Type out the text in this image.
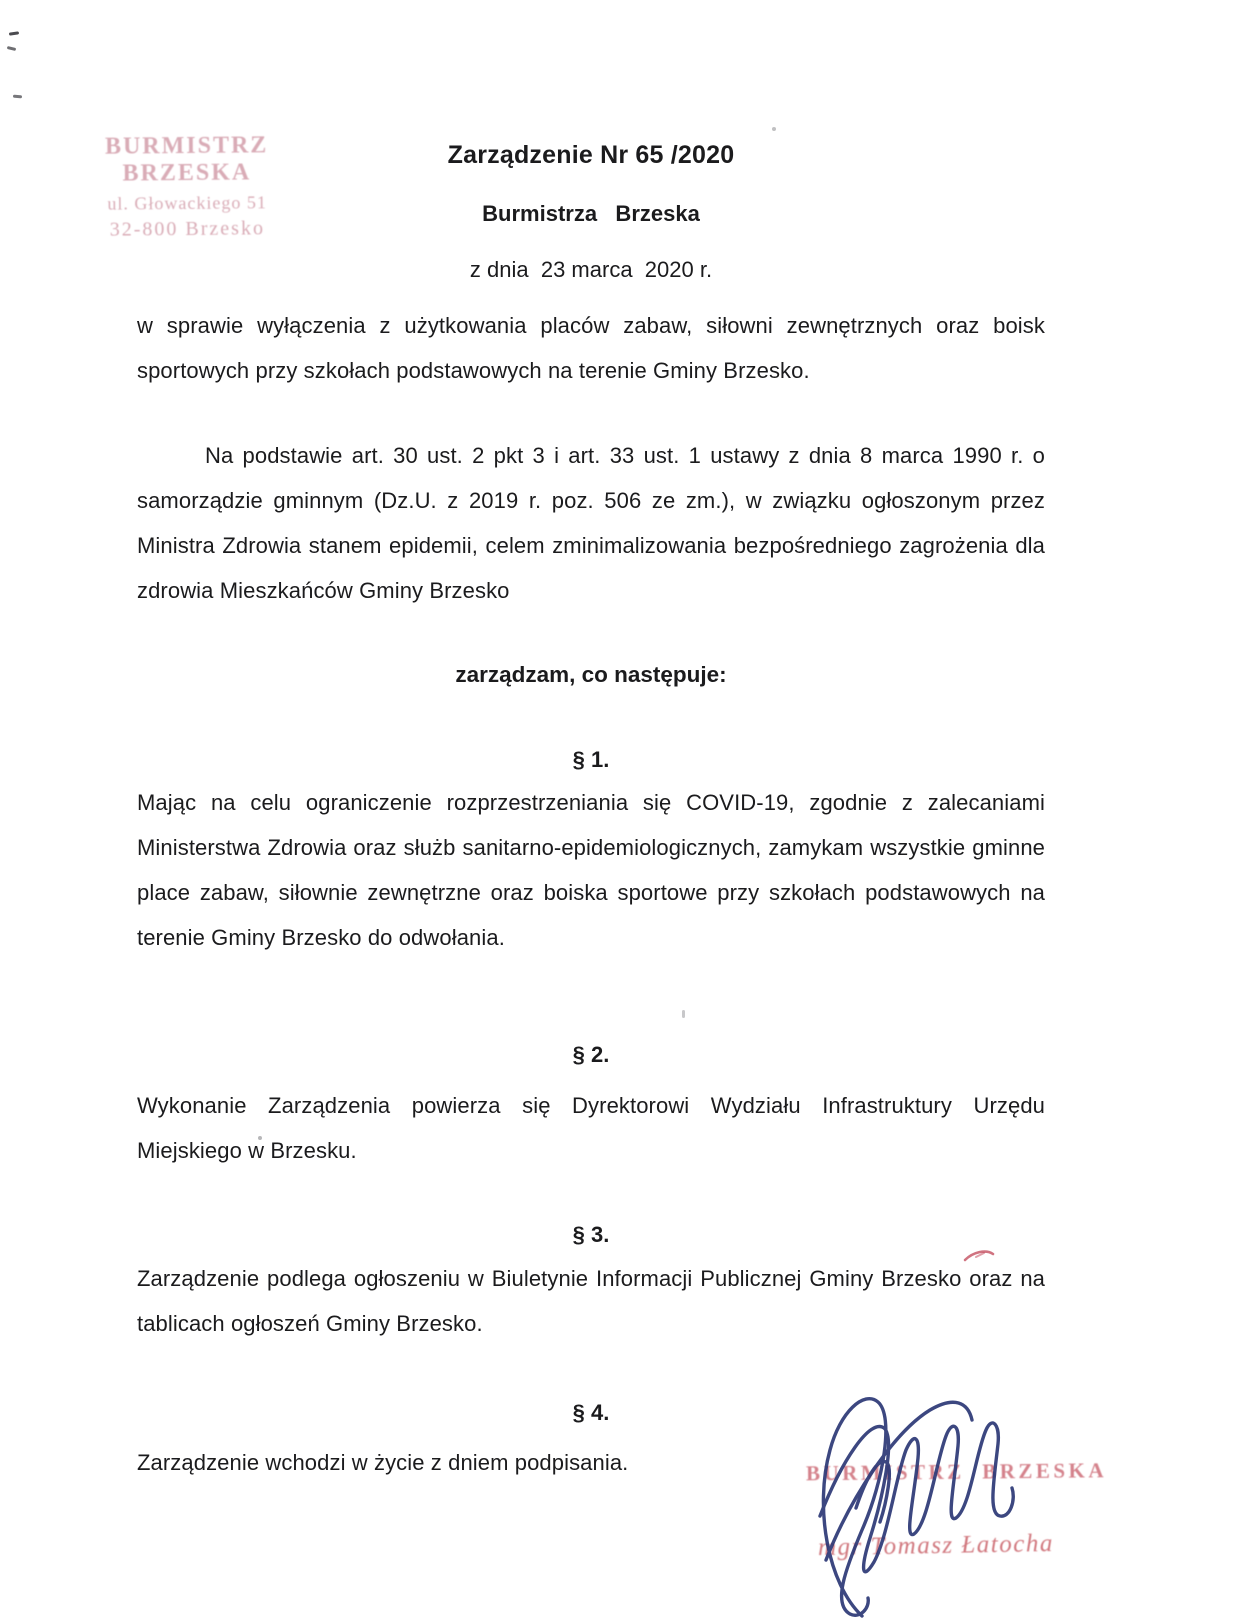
BURMISTRZ BRZESKA
ul. Głowackiego 51
32-800 Brzesko
Zarządzenie Nr 65 /2020
Burmistrza   Brzeska
z dnia  23 marca  2020 r.
w sprawie wyłączenia z użytkowania placów zabaw, siłowni zewnętrznych oraz boisk sportowych przy szkołach podstawowych na terenie Gminy Brzesko.
Na podstawie art. 30 ust. 2 pkt 3 i art. 33 ust. 1 ustawy z dnia 8 marca 1990 r. o samorządzie gminnym (Dz.U. z 2019 r. poz. 506 ze zm.), w związku ogłoszonym przez Ministra Zdrowia stanem epidemii, celem zminimalizowania bezpośredniego zagrożenia dla zdrowia Mieszkańców Gminy Brzesko
zarządzam, co następuje:
§ 1.
Mając na celu ograniczenie rozprzestrzeniania się COVID-19, zgodnie z zalecaniami Ministerstwa Zdrowia oraz służb sanitarno-epidemiologicznych, zamykam wszystkie gminne place zabaw, siłownie zewnętrzne oraz boiska sportowe przy szkołach podstawowych na terenie Gminy Brzesko do odwołania.
§ 2.
Wykonanie Zarządzenia powierza się Dyrektorowi Wydziału Infrastruktury Urzędu Miejskiego w Brzesku.
§ 3.
Zarządzenie podlega ogłoszeniu w Biuletynie Informacji Publicznej Gminy Brzesko oraz na tablicach ogłoszeń Gminy Brzesko.
§ 4.
Zarządzenie wchodzi w życie z dniem podpisania.	BURMISTRZ  BRZESKA
mgr Tomasz Łatocha
